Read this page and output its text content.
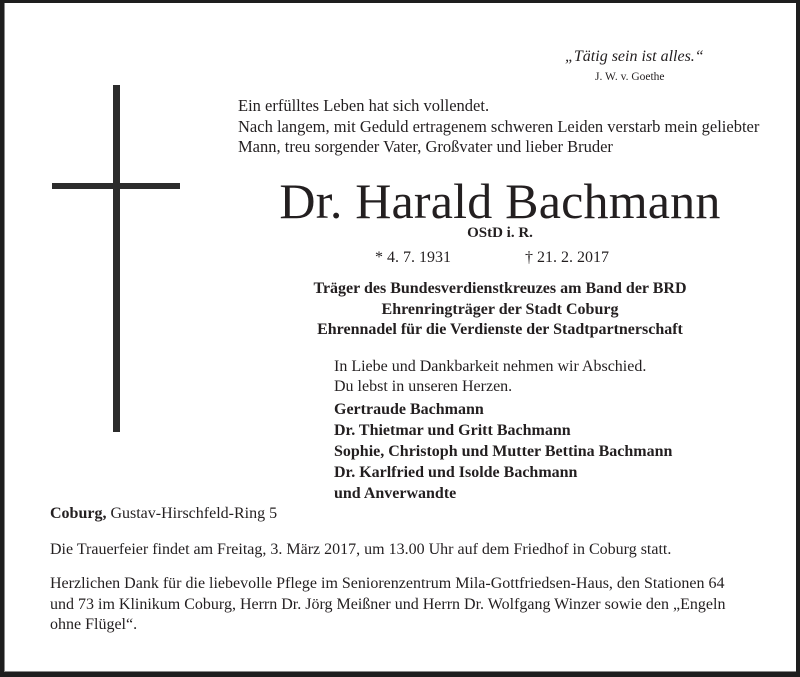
„Tätig sein ist alles.“
J. W. v. Goethe
Ein erfülltes Leben hat sich vollendet.
Nach langem, mit Geduld ertragenem schweren Leiden verstarb mein geliebter
Mann, treu sorgender Vater, Großvater und lieber Bruder
Dr. Harald Bachmann
OStD i. R.
* 4. 7. 1931	† 21. 2. 2017
Träger des Bundesverdienstkreuzes am Band der BRD
Ehrenringträger der Stadt Coburg
Ehrennadel für die Verdienste der Stadtpartnerschaft
In Liebe und Dankbarkeit nehmen wir Abschied.
Du lebst in unseren Herzen.
Gertraude Bachmann
Dr. Thietmar und Gritt Bachmann
Sophie, Christoph und Mutter Bettina Bachmann
Dr. Karlfried und Isolde Bachmann
und Anverwandte
Coburg, Gustav-Hirschfeld-Ring 5
Die Trauerfeier findet am Freitag, 3. März 2017, um 13.00 Uhr auf dem Friedhof in Coburg statt.
Herzlichen Dank für die liebevolle Pflege im Seniorenzentrum Mila-Gottfriedsen-Haus, den Stationen 64
und 73 im Klinikum Coburg, Herrn Dr. Jörg Meißner und Herrn Dr. Wolfgang Winzer sowie den „Engeln
ohne Flügel“.
